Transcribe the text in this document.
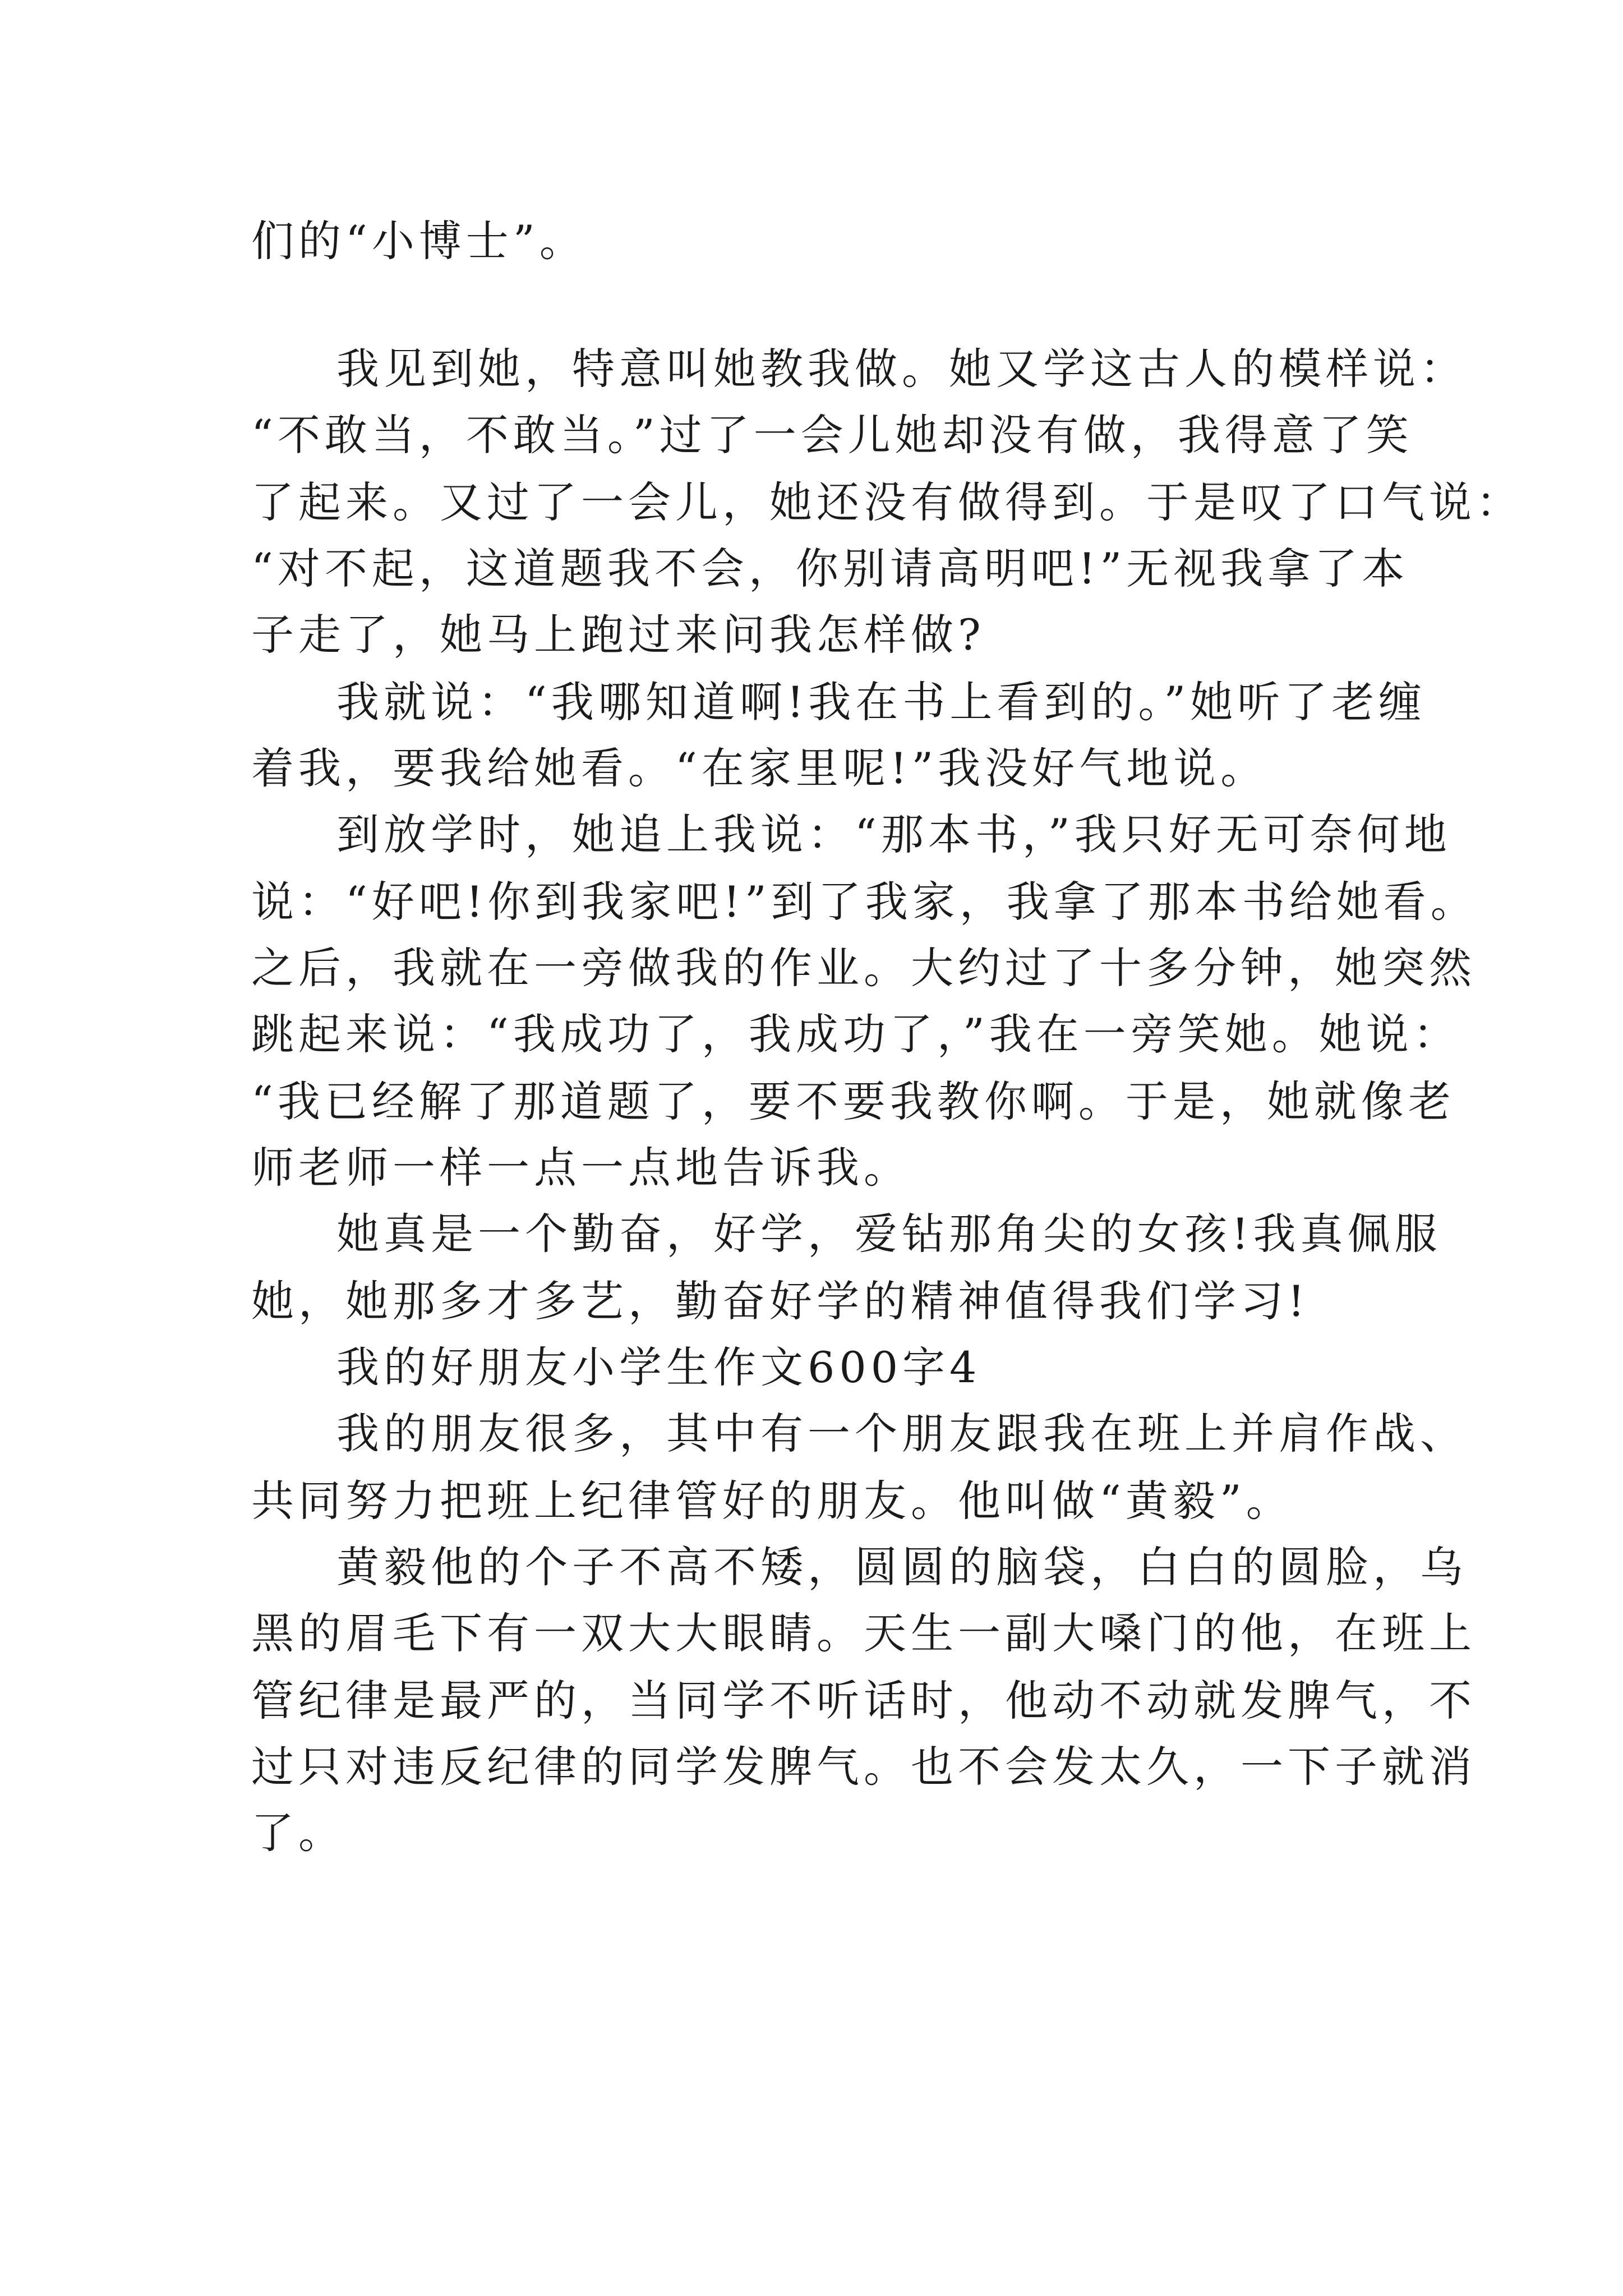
们的“小博士”。
我见到她，特意叫她教我做。她又学这古人的模样说：
“不敢当，不敢当。”过了一会儿她却没有做，我得意了笑
了起来。又过了一会儿，她还没有做得到。于是叹了口气说：
“对不起，这道题我不会，你别请高明吧!”无视我拿了本
子走了，她马上跑过来问我怎样做?
我就说：“我哪知道啊!我在书上看到的。”她听了老缠
着我，要我给她看。“在家里呢!”我没好气地说。
到放学时，她追上我说：“那本书，”我只好无可奈何地
说：“好吧!你到我家吧!”到了我家，我拿了那本书给她看。
之后，我就在一旁做我的作业。大约过了十多分钟，她突然
跳起来说：“我成功了，我成功了，”我在一旁笑她。她说：
“我已经解了那道题了，要不要我教你啊。于是，她就像老
师老师一样一点一点地告诉我。
她真是一个勤奋，好学，爱钻那角尖的女孩!我真佩服
她，她那多才多艺，勤奋好学的精神值得我们学习!
我的好朋友小学生作文600字4
我的朋友很多，其中有一个朋友跟我在班上并肩作战、
共同努力把班上纪律管好的朋友。他叫做“黄毅”。
黄毅他的个子不高不矮，圆圆的脑袋，白白的圆脸，乌
黑的眉毛下有一双大大眼睛。天生一副大嗓门的他，在班上
管纪律是最严的，当同学不听话时，他动不动就发脾气，不
过只对违反纪律的同学发脾气。也不会发太久，一下子就消
了。
